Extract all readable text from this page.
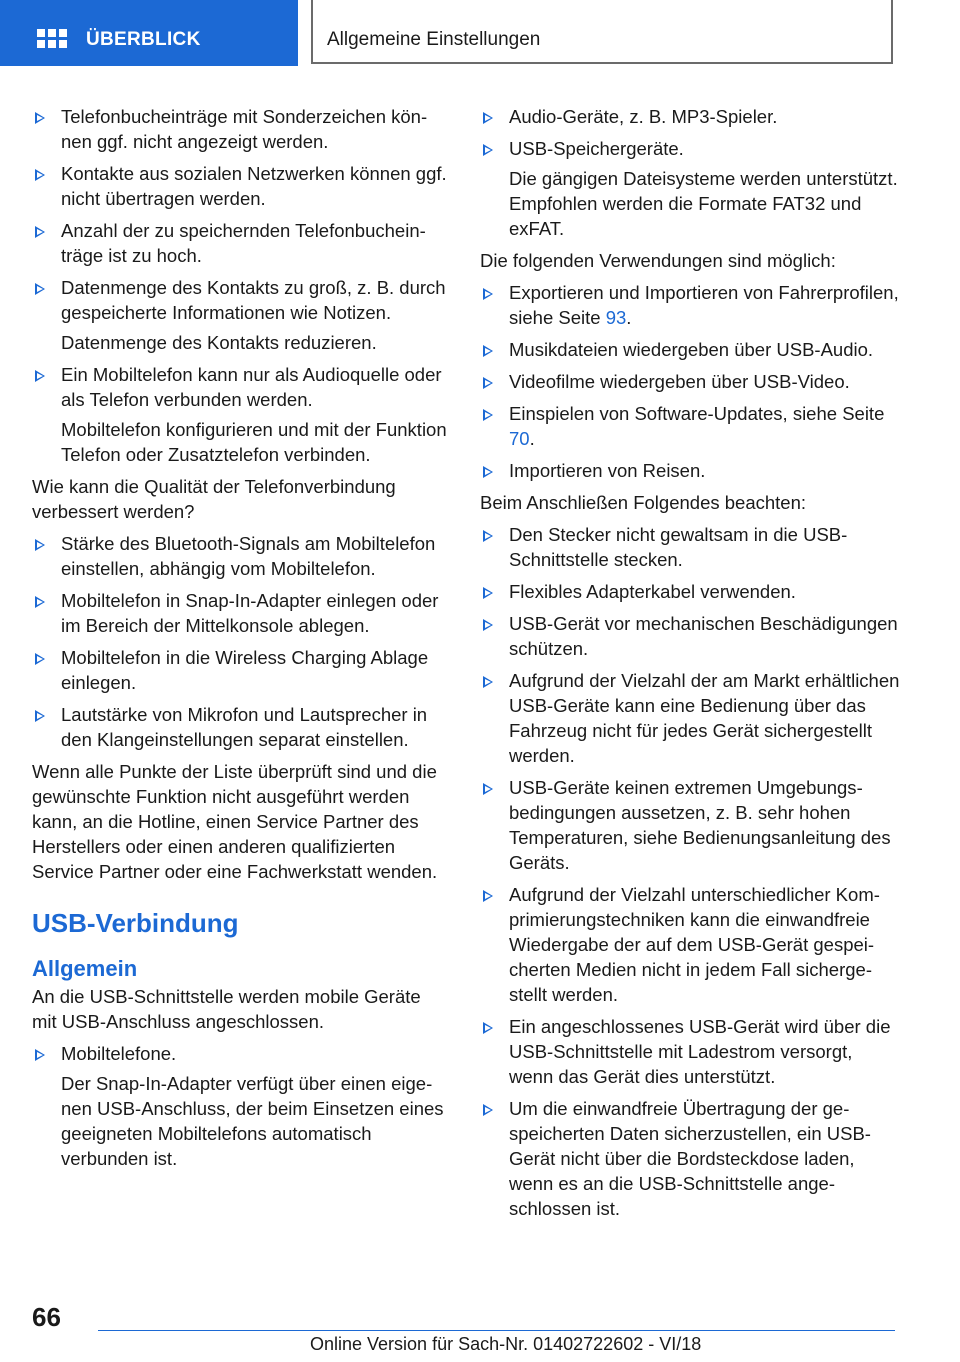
ÜBERBLICK	Allgemeine Einstellungen
Telefonbucheinträge mit Sonderzeichen können ggf. nicht angezeigt werden.
Kontakte aus sozialen Netzwerken können ggf. nicht übertragen werden.
Anzahl der zu speichernden Telefonbucheinträge ist zu hoch.
Datenmenge des Kontakts zu groß, z. B. durch gespeicherte Informationen wie Notizen.
Datenmenge des Kontakts reduzieren.
Ein Mobiltelefon kann nur als Audioquelle oder als Telefon verbunden werden.
Mobiltelefon konfigurieren und mit der Funktion Telefon oder Zusatztelefon verbinden.

Wie kann die Qualität der Telefonverbindung verbessert werden?

Stärke des Bluetooth-Signals am Mobiltelefon einstellen, abhängig vom Mobiltelefon.
Mobiltelefon in Snap-In-Adapter einlegen oder im Bereich der Mittelkonsole ablegen.
Mobiltelefon in die Wireless Charging Ablage einlegen.
Lautstärke von Mikrofon und Lautsprecher in den Klangeinstellungen separat einstellen.

Wenn alle Punkte der Liste überprüft sind und die gewünschte Funktion nicht ausgeführt werden kann, an die Hotline, einen Service Partner des Herstellers oder einen anderen qualifizierten Service Partner oder eine Fachwerkstatt wenden.

USB-Verbindung
Allgemein

An die USB-Schnittstelle werden mobile Geräte mit USB-Anschluss angeschlossen.

Mobiltelefone.
Der Snap-In-Adapter verfügt über einen eigenen USB-Anschluss, der beim Einsetzen eines geeigneten Mobiltelefons automatisch verbunden ist.
Audio-Geräte, z. B. MP3-Spieler.
USB-Speichergeräte.
Die gängigen Dateisysteme werden unterstützt. Empfohlen werden die Formate FAT32 und exFAT.

Die folgenden Verwendungen sind möglich:

Exportieren und Importieren von Fahrerprofilen, siehe Seite 93.
Musikdateien wiedergeben über USB-Audio.
Videofilme wiedergeben über USB-Video.
Einspielen von Software-Updates, siehe Seite 70.
Importieren von Reisen.

Beim Anschließen Folgendes beachten:

Den Stecker nicht gewaltsam in die USB-Schnittstelle stecken.
Flexibles Adapterkabel verwenden.
USB-Gerät vor mechanischen Beschädigungen schützen.
Aufgrund der Vielzahl der am Markt erhältlichen USB-Geräte kann eine Bedienung über das Fahrzeug nicht für jedes Gerät sichergestellt werden.
USB-Geräte keinen extremen Umgebungsbedingungen aussetzen, z. B. sehr hohen Temperaturen, siehe Bedienungsanleitung des Geräts.
Aufgrund der Vielzahl unterschiedlicher Komprimierungstechniken kann die einwandfreie Wiedergabe der auf dem USB-Gerät gespeicherten Medien nicht in jedem Fall sichergestellt werden.
Ein angeschlossenes USB-Gerät wird über die USB-Schnittstelle mit Ladestrom versorgt, wenn das Gerät dies unterstützt.
Um die einwandfreie Übertragung der gespeicherten Daten sicherzustellen, ein USB-Gerät nicht über die Bordsteckdose laden, wenn es an die USB-Schnittstelle angeschlossen ist.
66
Online Version für Sach-Nr. 01402722602 - VI/18
